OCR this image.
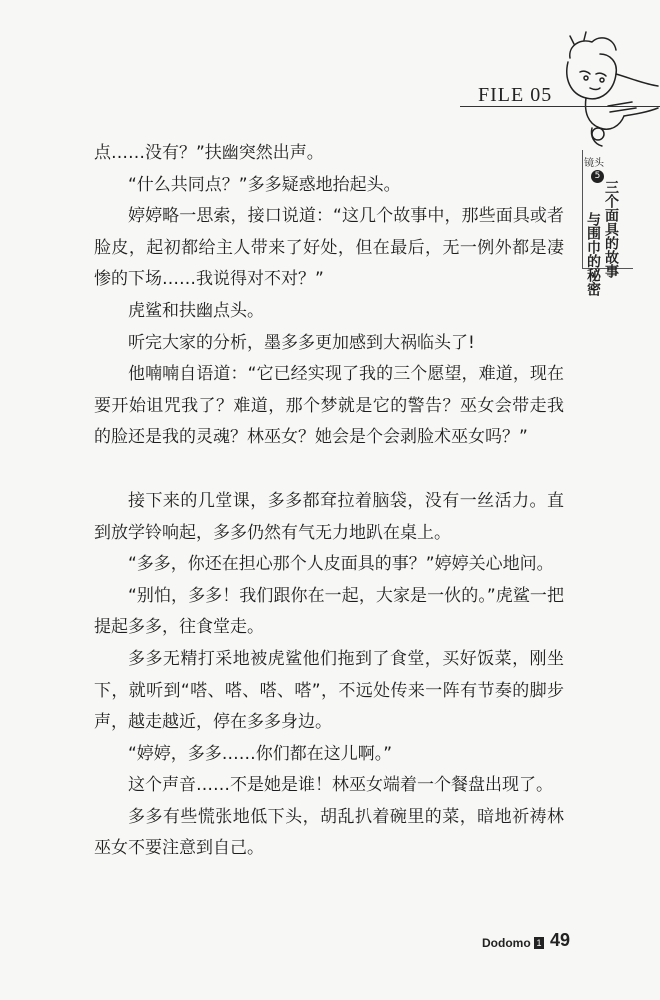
FILE 05
镜头
5
三个面具的故事
与围巾的秘密

点……没有？”扶幽突然出声。

“什么共同点？”多多疑惑地抬起头。

婷婷略一思索，接口说道：“这几个故事中，那些面具或者脸皮，起初都给主人带来了好处，但在最后，无一例外都是凄惨的下场……我说得对不对？”

虎鲨和扶幽点头。

听完大家的分析，墨多多更加感到大祸临头了!

他喃喃自语道：“它已经实现了我的三个愿望，难道，现在要开始诅咒我了？难道，那个梦就是它的警告？巫女会带走我的脸还是我的灵魂？林巫女？她会是个会剥脸术巫女吗？”

接下来的几堂课，多多都耷拉着脑袋，没有一丝活力。直到放学铃响起，多多仍然有气无力地趴在桌上。

“多多，你还在担心那个人皮面具的事？”婷婷关心地问。

“别怕，多多！我们跟你在一起，大家是一伙的。”虎鲨一把提起多多，往食堂走。

多多无精打采地被虎鲨他们拖到了食堂，买好饭菜，刚坐下，就听到“嗒、嗒、嗒、嗒”，不远处传来一阵有节奏的脚步声，越走越近，停在多多身边。

“婷婷，多多……你们都在这儿啊。”

这个声音……不是她是谁！林巫女端着一个餐盘出现了。

多多有些慌张地低下头，胡乱扒着碗里的菜，暗地祈祷林巫女不要注意到自己。

Dodomo 1 49
